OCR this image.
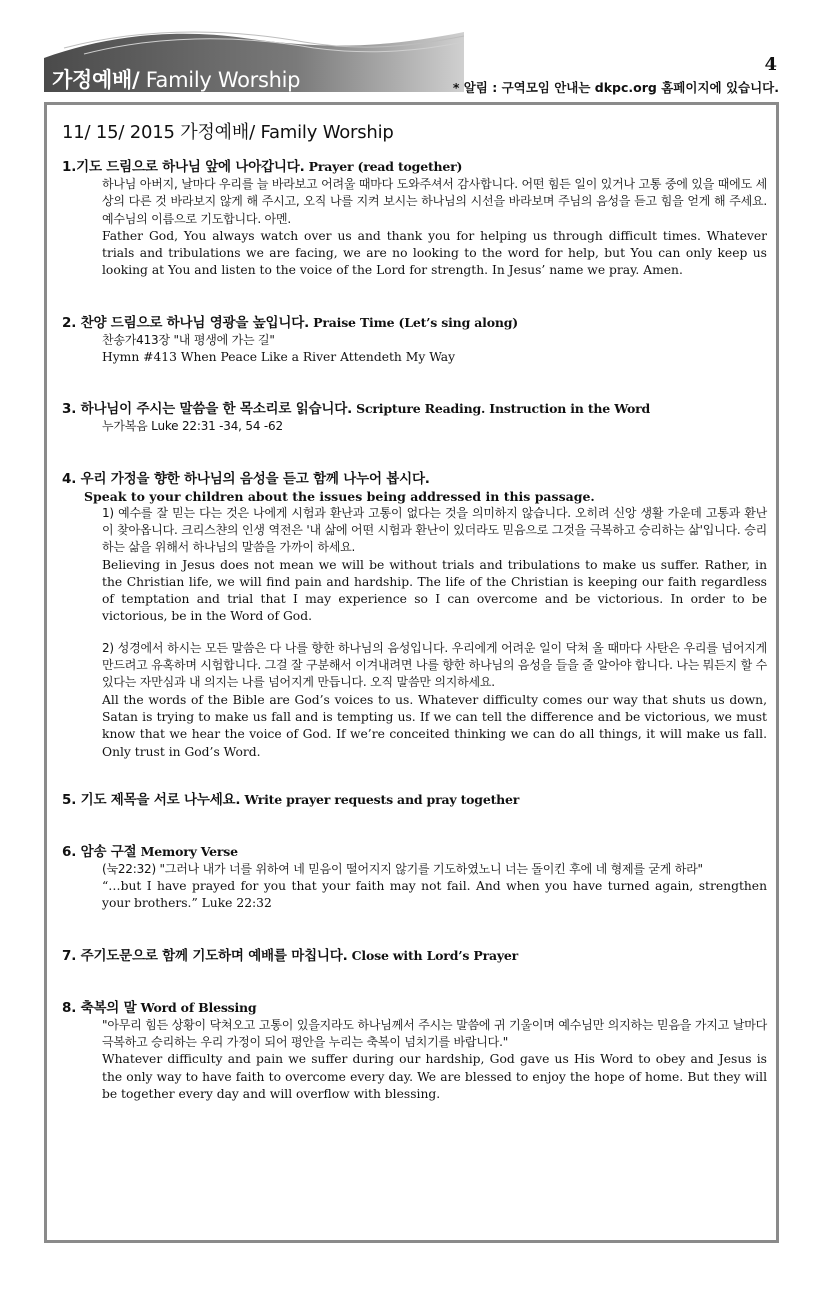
가정예배/ Family Worship
4
* 알림 : 구역모임 안내는 dkpc.org 홈페이지에 있습니다.
11/ 15/ 2015 가정예배/ Family Worship
1.기도 드림으로 하나님 앞에 나아갑니다. Prayer (read together)
하나님 아버지, 날마다 우리를 늘 바라보고 어려울 때마다 도와주셔서 감사합니다. 어떤 힘든 일이 있거나 고통 중에 있을 때에도 세상의 다른 것 바라보지 않게 해 주시고, 오직 나를 지켜 보시는 하나님의 시선을 바라보며 주님의 음성을 듣고 힘을 얻게 해 주세요. 예수님의 이름으로 기도합니다. 아멘.
Father God, You always watch over us and thank you for helping us through difficult times. Whatever trials and tribulations we are facing, we are no looking to the word for help, but You can only keep us looking at You and listen to the voice of the Lord for strength. In Jesus’ name we pray. Amen.
2. 찬양 드림으로 하나님 영광을 높입니다. Praise Time (Let’s sing along)
찬송가413장 "내 평생에 가는 길"
Hymn #413 When Peace Like a River Attendeth My Way
3. 하나님이 주시는 말씀을 한 목소리로 읽습니다. Scripture Reading. Instruction in the Word
누가복음 Luke 22:31 -34, 54 -62
4. 우리 가정을 향한 하나님의 음성을 듣고 함께 나누어 봅시다.
Speak to your children about the issues being addressed in this passage.
1) 예수를 잘 믿는 다는 것은 나에게 시험과 환난과 고통이 없다는 것을 의미하지 않습니다. 오히려 신앙 생활 가운데 고통과 환난이 찾아옵니다. 크리스챤의 인생 역전은 '내 삶에 어떤 시험과 환난이 있더라도 믿음으로 그것을 극복하고 승리하는 삶'입니다. 승리하는 삶을 위해서 하나님의 말씀을 가까이 하세요.
Believing in Jesus does not mean we will be without trials and tribulations to make us suffer. Rather, in the Christian life, we will find pain and hardship. The life of the Christian is keeping our faith regardless of temptation and trial that I may experience so I can overcome and be victorious. In order to be victorious, be in the Word of God.
2) 성경에서 하시는 모든 말씀은 다 나를 향한 하나님의 음성입니다. 우리에게 어려운 일이 닥쳐 올 때마다 사탄은 우리를 넘어지게 만드려고 유혹하며 시험합니다. 그걸 잘 구분해서 이겨내려면 나를 향한 하나님의 음성을 들을 줄 알아야 합니다. 나는 뭐든지 할 수 있다는 자만심과 내 의지는 나를 넘어지게 만듭니다. 오직 말씀만 의지하세요.
All the words of the Bible are God’s voices to us. Whatever difficulty comes our way that shuts us down, Satan is trying to make us fall and is tempting us. If we can tell the difference and be victorious, we must know that we hear the voice of God. If we’re conceited thinking we can do all things, it will make us fall. Only trust in God’s Word.
5. 기도 제목을 서로 나누세요. Write prayer requests and pray together
6. 암송 구절 Memory Verse
(눅22:32) "그러나 내가 너를 위하여 네 믿음이 떨어지지 않기를 기도하였노니 너는 돌이킨 후에 네 형제를 굳게 하라"
“…but I have prayed for you that your faith may not fail. And when you have turned again, strengthen your brothers.” Luke 22:32
7. 주기도문으로 함께 기도하며 예배를 마칩니다. Close with Lord’s Prayer
8. 축복의 말 Word of Blessing
"아무리 힘든 상황이 닥쳐오고 고통이 있을지라도 하나님께서 주시는 말씀에 귀 기울이며 예수님만 의지하는 믿음을 가지고 날마다 극복하고 승리하는 우리 가정이 되어 평안을 누리는 축복이 넘치기를 바랍니다."
Whatever difficulty and pain we suffer during our hardship, God gave us His Word to obey and Jesus is the only way to have faith to overcome every day. We are blessed to enjoy the hope of home. But they will be together every day and will overflow with blessing.
